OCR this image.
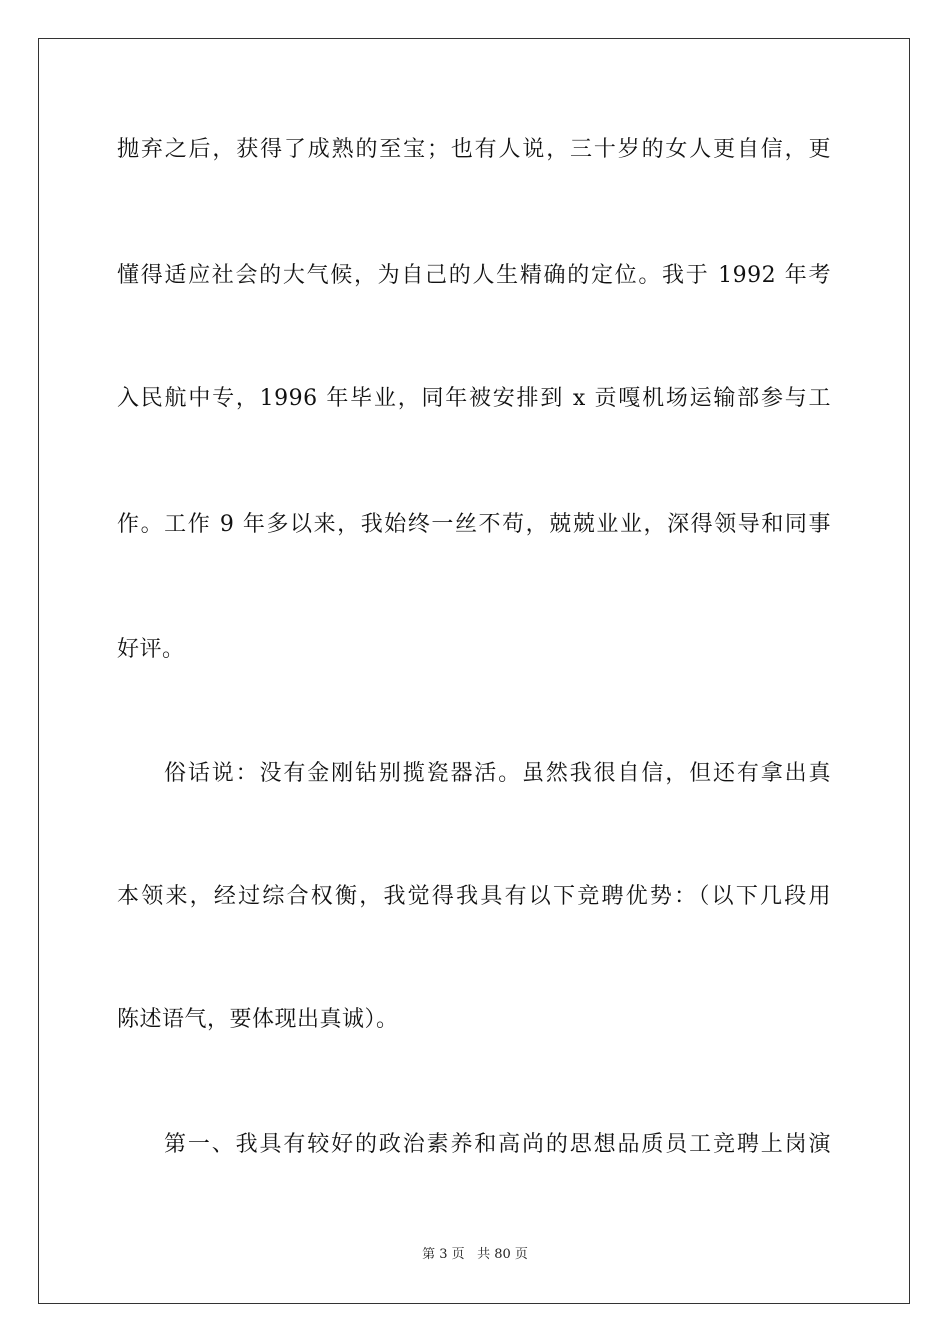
抛弃之后，获得了成熟的至宝；也有人说，三十岁的女人更自信，更
懂得适应社会的大气候，为自己的人生精确的定位。我于 1992 年考
入民航中专，1996 年毕业，同年被安排到 x 贡嘎机场运输部参与工
作。工作 9 年多以来，我始终一丝不苟，兢兢业业，深得领导和同事
好评。
俗话说：没有金刚钻别揽瓷器活。虽然我很自信，但还有拿出真
本领来，经过综合权衡，我觉得我具有以下竞聘优势：（以下几段用
陈述语气，要体现出真诚）。
第一、我具有较好的政治素养和高尚的思想品质员工竞聘上岗演
第 3 页 共 80 页
